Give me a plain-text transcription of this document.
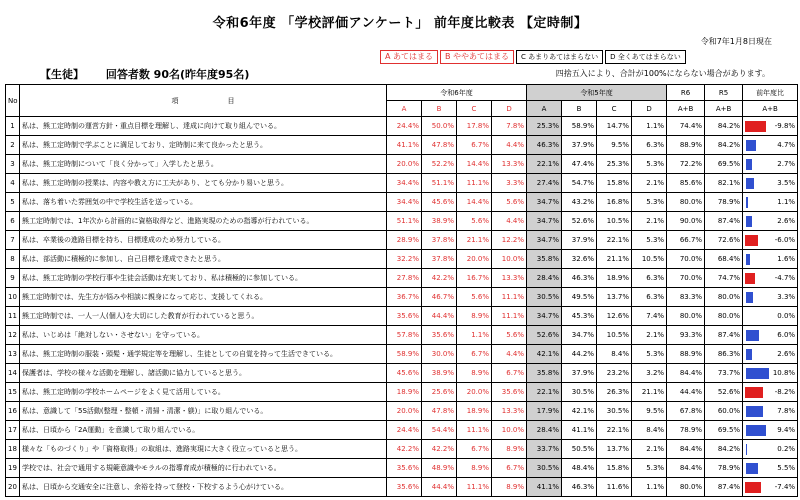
令和6年度 「学校評価アンケート」 前年度比較表 【定時制】
令和7年1月8日現在
A あてはまる	B ややあてはまる	C あまりあてはまらない	D 全くあてはまらない
【生徒】 回答者数 90名(昨年度95名)	四捨五入により、合計が100%にならない場合があります。
No	項　　　　　　　目	令和6年度				令和5年度				R6	R5	前年度比
		A	B	C	D	A	B	C	D	A+B	A+B	A+B
1	私は、熊工定時制の運営方針・重点目標を理解し、達成に向けて取り組んでいる。	24.4%	50.0%	17.8%	7.8%	25.3%	58.9%	14.7%	1.1%	74.4%	84.2%	-9.8%

2	私は、熊工定時制で学ぶことに満足しており、定時制に来て良かったと思う。	41.1%	47.8%	6.7%	4.4%	46.3%	37.9%	9.5%	6.3%	88.9%	84.2%	4.7%

3	私は、熊工定時制について「良く分かって」入学したと思う。	20.0%	52.2%	14.4%	13.3%	22.1%	47.4%	25.3%	5.3%	72.2%	69.5%	2.7%

4	私は、熊工定時制の授業は、内容や教え方に工夫があり、とても分かり易いと思う。	34.4%	51.1%	11.1%	3.3%	27.4%	54.7%	15.8%	2.1%	85.6%	82.1%	3.5%

5	私は、落ち着いた雰囲気の中で学校生活を送っている。	34.4%	45.6%	14.4%	5.6%	34.7%	43.2%	16.8%	5.3%	80.0%	78.9%	1.1%

6	熊工定時制では、1年次から計画的に資格取得など、進路実現のための指導が行われている。	51.1%	38.9%	5.6%	4.4%	34.7%	52.6%	10.5%	2.1%	90.0%	87.4%	2.6%

7	私は、卒業後の進路目標を持ち、目標達成のため努力している。	28.9%	37.8%	21.1%	12.2%	34.7%	37.9%	22.1%	5.3%	66.7%	72.6%	-6.0%

8	私は、部活動に積極的に参加し、自己目標を達成できたと思う。	32.2%	37.8%	20.0%	10.0%	35.8%	32.6%	21.1%	10.5%	70.0%	68.4%	1.6%

9	私は、熊工定時制の学校行事や生徒会活動は充実しており、私は積極的に参加している。	27.8%	42.2%	16.7%	13.3%	28.4%	46.3%	18.9%	6.3%	70.0%	74.7%	-4.7%

10	熊工定時制では、先生方が悩みや相談に親身になって応じ、支援してくれる。	36.7%	46.7%	5.6%	11.1%	30.5%	49.5%	13.7%	6.3%	83.3%	80.0%	3.3%

11	熊工定時制では、一人一人(個人)を大切にした教育が行われていると思う。	35.6%	44.4%	8.9%	11.1%	34.7%	45.3%	12.6%	7.4%	80.0%	80.0%	0.0%

12	私は、いじめは「絶対しない・させない」を守っている。	57.8%	35.6%	1.1%	5.6%	52.6%	34.7%	10.5%	2.1%	93.3%	87.4%	6.0%

13	私は、熊工定時制の服装・頭髪・通学規定等を理解し、生徒としての自覚を持って生活できている。	58.9%	30.0%	6.7%	4.4%	42.1%	44.2%	8.4%	5.3%	88.9%	86.3%	2.6%

14	保護者は、学校の様々な活動を理解し、諸活動に協力していると思う。	45.6%	38.9%	8.9%	6.7%	35.8%	37.9%	23.2%	3.2%	84.4%	73.7%	10.8%

15	私は、熊工定時制の学校ホームページをよく見て活用している。	18.9%	25.6%	20.0%	35.6%	22.1%	30.5%	26.3%	21.1%	44.4%	52.6%	-8.2%

16	私は、意識して「5S活動(整理・整頓・清掃・清潔・躾)」に取り組んでいる。	20.0%	47.8%	18.9%	13.3%	17.9%	42.1%	30.5%	9.5%	67.8%	60.0%	7.8%

17	私は、日頃から「2A運動」を意識して取り組んでいる。	24.4%	54.4%	11.1%	10.0%	28.4%	41.1%	22.1%	8.4%	78.9%	69.5%	9.4%

18	様々な「ものづくり」や「資格取得」の取組は、進路実現に大きく役立っていると思う。	42.2%	42.2%	6.7%	8.9%	33.7%	50.5%	13.7%	2.1%	84.4%	84.2%	0.2%

19	学校では、社会で通用する規範意識やモラルの指導育成が積極的に行われている。	35.6%	48.9%	8.9%	6.7%	30.5%	48.4%	15.8%	5.3%	84.4%	78.9%	5.5%

20	私は、日頃から交通安全に注意し、余裕を持って登校・下校するよう心がけている。	35.6%	44.4%	11.1%	8.9%	41.1%	46.3%	11.6%	1.1%	80.0%	87.4%	-7.4%
